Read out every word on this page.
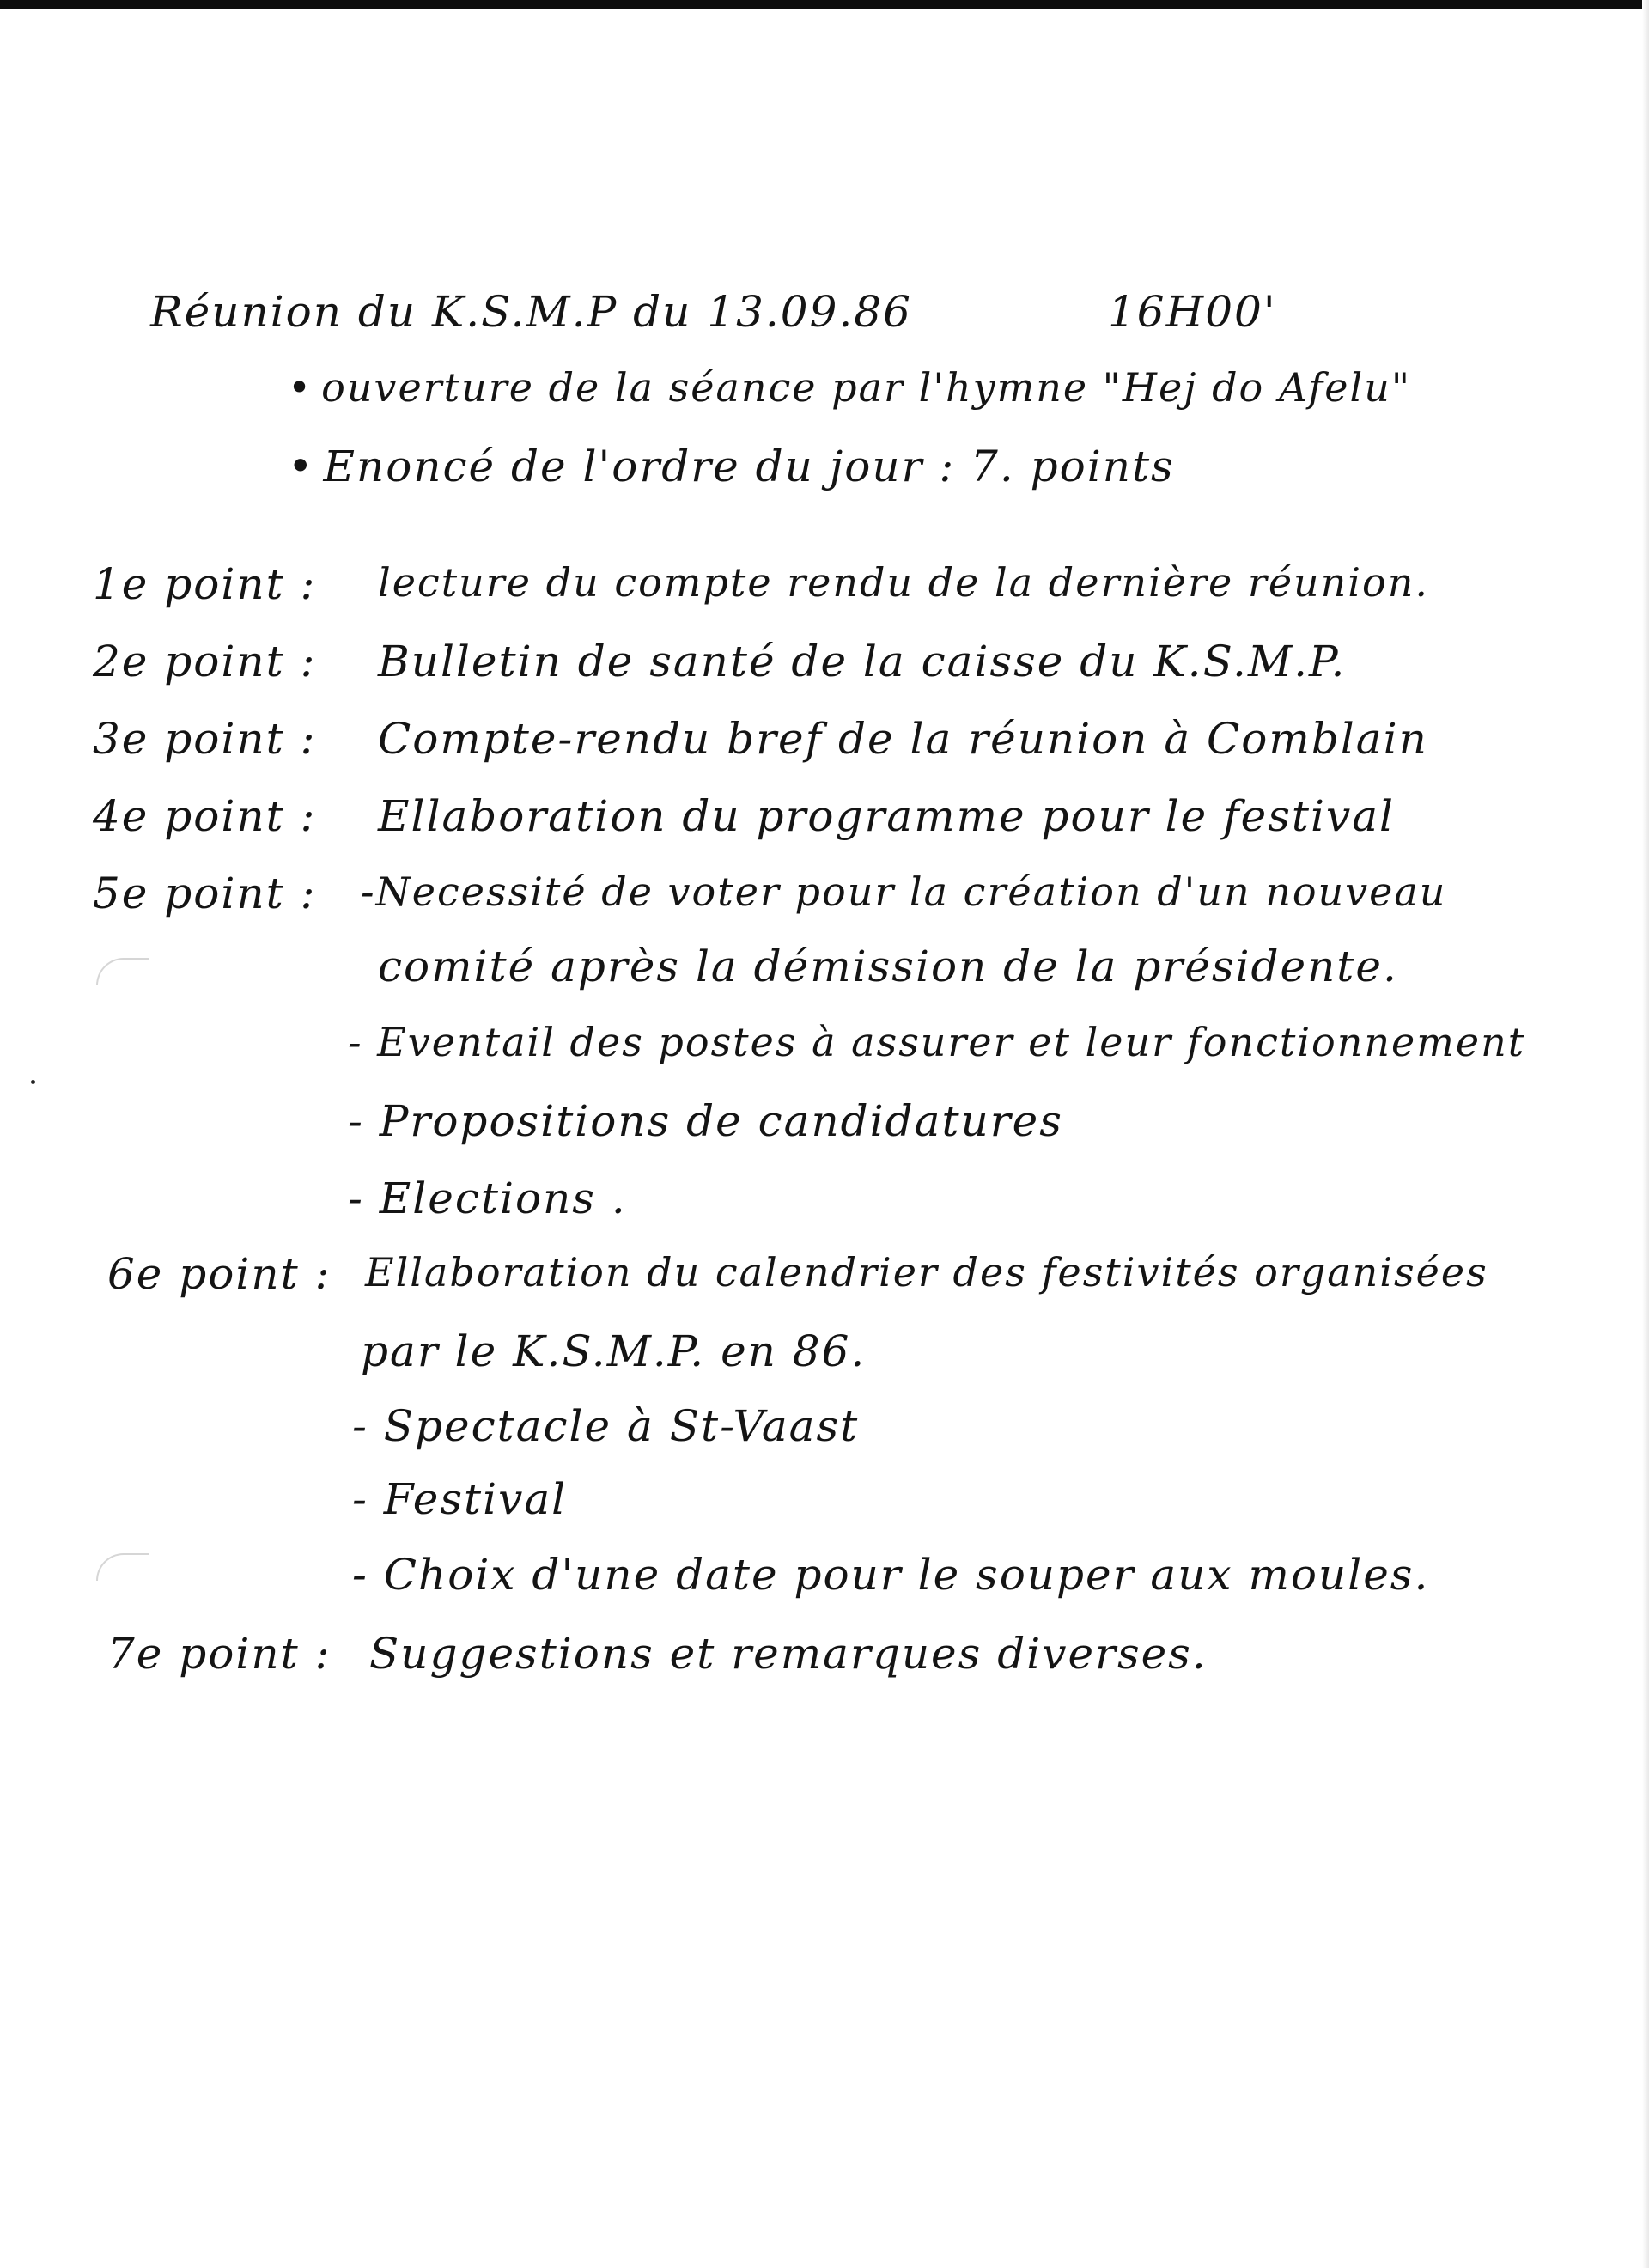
Réunion du K.S.M.P du 13.09.86	16H00'
• ouverture de la séance par l'hymne "Hej do Afelu"
• Enoncé de l'ordre du jour : 7. points
1e point : lecture du compte rendu de la dernière réunion.
2e point : Bulletin de santé de la caisse du K.S.M.P.
3e point : Compte-rendu bref de la réunion à Comblain
4e point : Ellaboration du programme pour le festival
5e point : -Necessité de voter pour la création d'un nouveau
comité après la démission de la présidente.
- Eventail des postes à assurer et leur fonctionnement
- Propositions de candidatures
- Elections .
6e point : Ellaboration du calendrier des festivités organisées
par le K.S.M.P. en 86.
- Spectacle à St-Vaast
- Festival
- Choix d'une date pour le souper aux moules.
7e point : Suggestions et remarques diverses.
